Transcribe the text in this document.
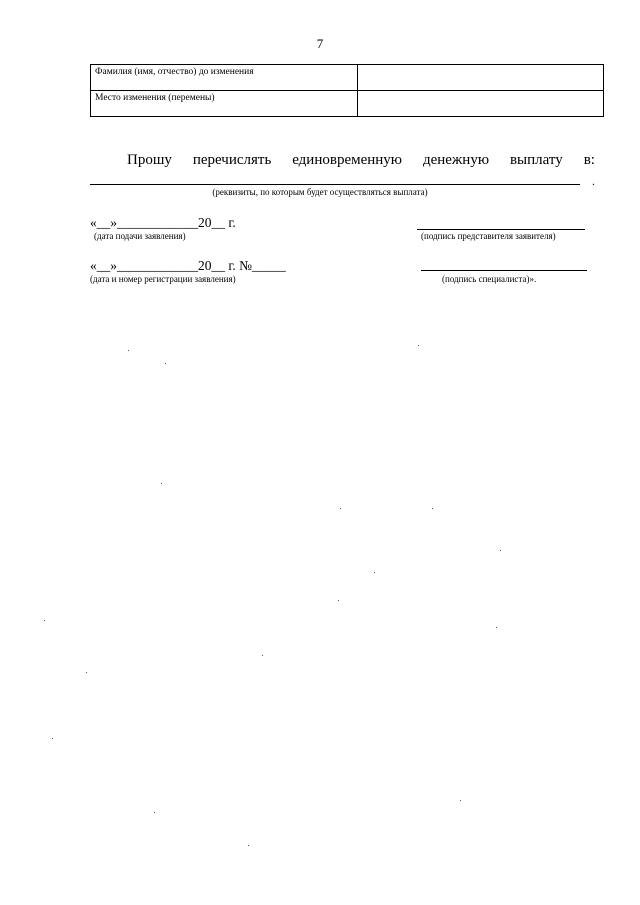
7
Фамилия (имя, отчество) до изменения	
Место изменения (перемены)	
Прошу перечислять единовременную денежную выплату в:
.
(реквизиты, по которым будет осуществляться выплата)
«__»____________20__ г.
(дата подачи заявления)	(подпись представителя заявителя)
«__»____________20__ г. №_____
(дата и номер регистрации заявления)	(подпись специалиста)».
